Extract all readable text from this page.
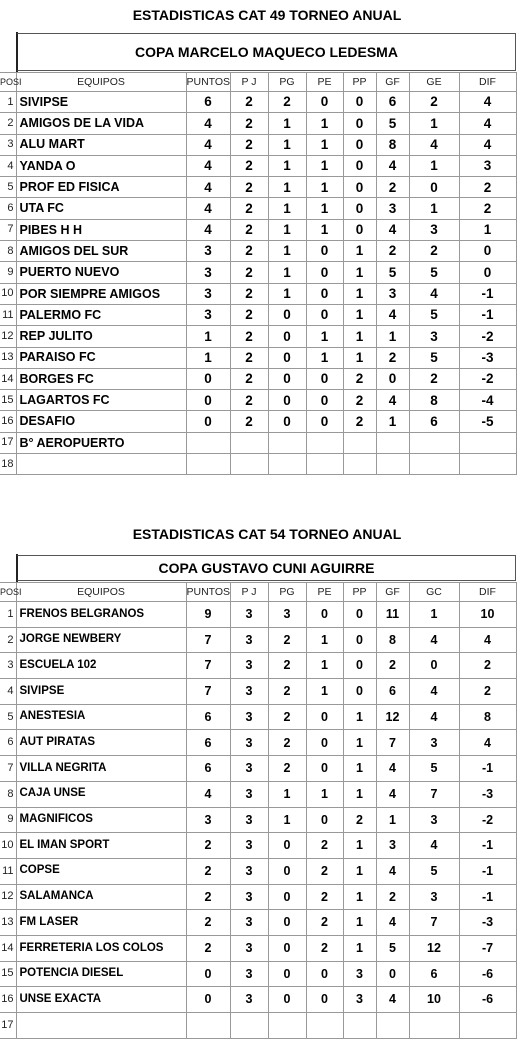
ESTADISTICAS CAT 49 TORNEO ANUAL
COPA MARCELO MAQUECO LEDESMA
POSI	EQUIPOS	PUNTOS	P J	PG	PE	PP	GF	GE	DIF
1	SIVIPSE	6	2	2	0	0	6	2	4
2	AMIGOS DE LA VIDA	4	2	1	1	0	5	1	4
3	ALU MART	4	2	1	1	0	8	4	4
4	YANDA O	4	2	1	1	0	4	1	3
5	PROF ED FISICA	4	2	1	1	0	2	0	2
6	UTA FC	4	2	1	1	0	3	1	2
7	PIBES H H	4	2	1	1	0	4	3	1
8	AMIGOS DEL SUR	3	2	1	0	1	2	2	0
9	PUERTO NUEVO	3	2	1	0	1	5	5	0
10	POR SIEMPRE AMIGOS	3	2	1	0	1	3	4	-1
11	PALERMO FC	3	2	0	0	1	4	5	-1
12	REP JULITO	1	2	0	1	1	1	3	-2
13	PARAISO FC	1	2	0	1	1	2	5	-3
14	BORGES FC	0	2	0	0	2	0	2	-2
15	LAGARTOS FC	0	2	0	0	2	4	8	-4
16	DESAFIO	0	2	0	0	2	1	6	-5
17	B° AEROPUERTO								
18									
ESTADISTICAS CAT 54 TORNEO ANUAL
COPA GUSTAVO CUNI AGUIRRE
POSI	EQUIPOS	PUNTOS	P J	PG	PE	PP	GF	GC	DIF
1	FRENOS BELGRANOS	9	3	3	0	0	11	1	10
2	JORGE NEWBERY	7	3	2	1	0	8	4	4
3	ESCUELA 102	7	3	2	1	0	2	0	2
4	SIVIPSE	7	3	2	1	0	6	4	2
5	ANESTESIA	6	3	2	0	1	12	4	8
6	AUT PIRATAS	6	3	2	0	1	7	3	4
7	VILLA NEGRITA	6	3	2	0	1	4	5	-1
8	CAJA UNSE	4	3	1	1	1	4	7	-3
9	MAGNIFICOS	3	3	1	0	2	1	3	-2
10	EL IMAN SPORT	2	3	0	2	1	3	4	-1
11	COPSE	2	3	0	2	1	4	5	-1
12	SALAMANCA	2	3	0	2	1	2	3	-1
13	FM LASER	2	3	0	2	1	4	7	-3
14	FERRETERIA LOS COLOS	2	3	0	2	1	5	12	-7
15	POTENCIA DIESEL	0	3	0	0	3	0	6	-6
16	UNSE EXACTA	0	3	0	0	3	4	10	-6
17									
